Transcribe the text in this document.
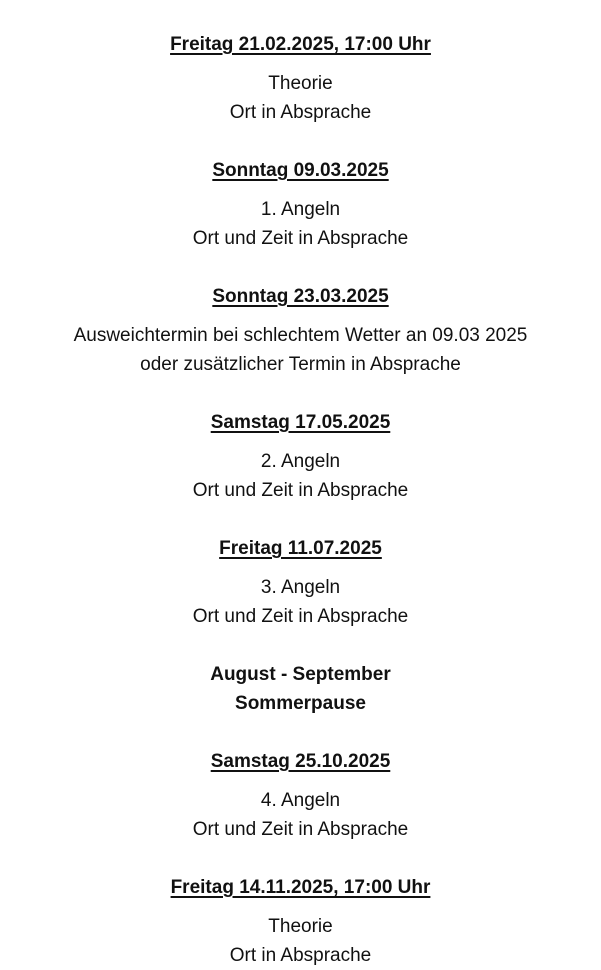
Freitag 21.02.2025, 17:00 Uhr
Theorie
Ort in Absprache
Sonntag 09.03.2025
1. Angeln
Ort und Zeit in Absprache
Sonntag 23.03.2025
Ausweichtermin bei schlechtem Wetter an 09.03 2025
oder zusätzlicher Termin in Absprache
Samstag 17.05.2025
2. Angeln
Ort und Zeit in Absprache
Freitag 11.07.2025
3. Angeln
Ort und Zeit in Absprache
August - September
Sommerpause
Samstag 25.10.2025
4. Angeln
Ort und Zeit in Absprache
Freitag 14.11.2025, 17:00 Uhr
Theorie
Ort in Absprache
